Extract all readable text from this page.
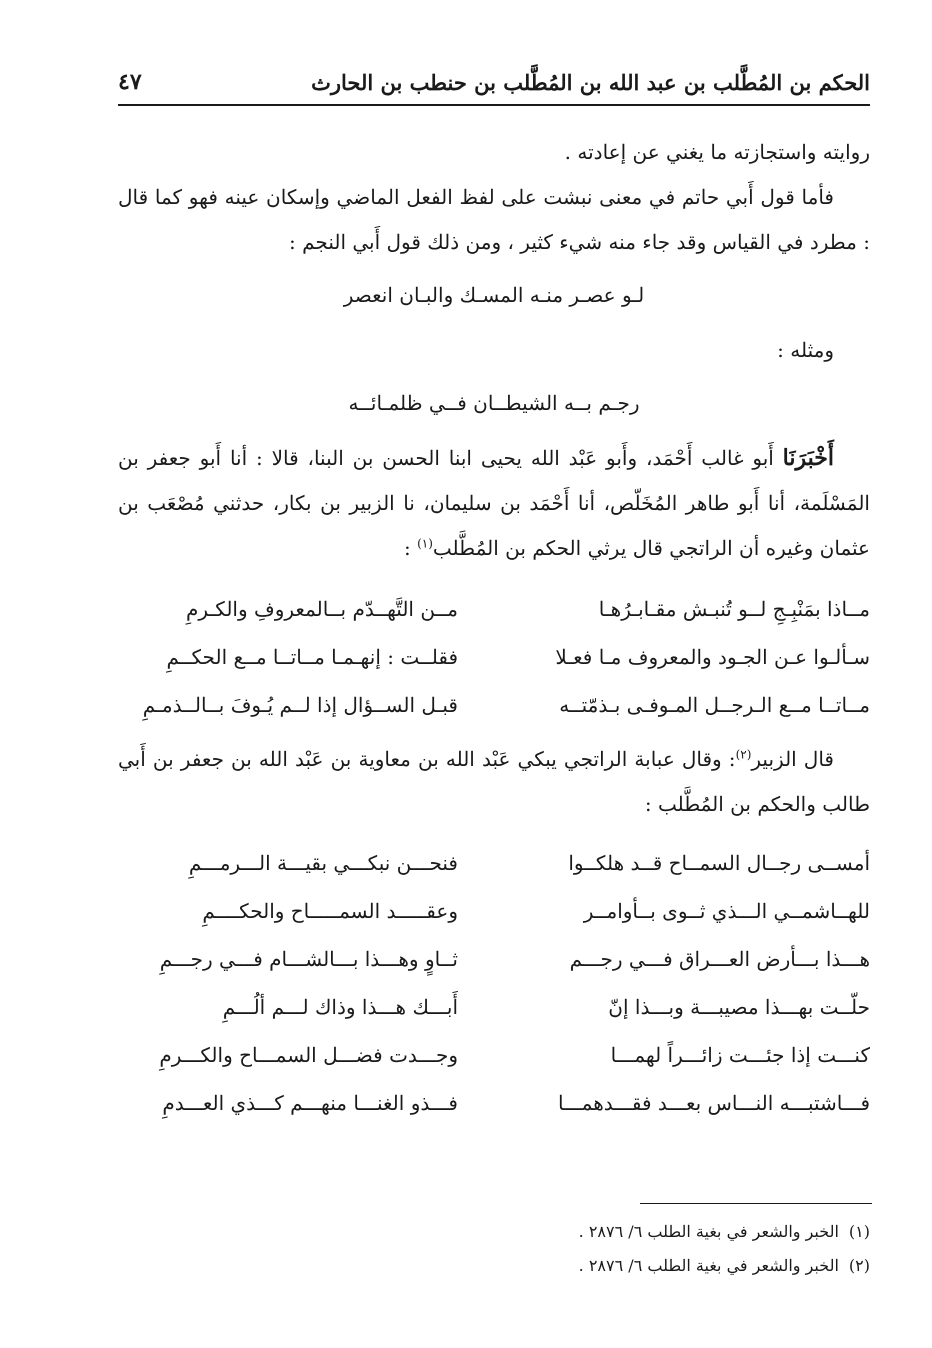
الحكم بن المُطَّلب بن عبد الله بن المُطَّلب بن حنطب بن الحارث
٤٧

روايته واستجازته ما يغني عن إعادته .

فأما قول أَبي حاتم في معنى نبشت على لفظ الفعل الماضي وإسكان عينه فهو كما قال : مطرد في القياس وقد جاء منه شيء كثير ، ومن ذلك قول أَبي النجم :

لـو عصـر منـه المسـك والبـان انعصر

ومثله :

رجـم بــه الشيطــان فــي ظلمـائــه

أَخْبَرَنَا أَبو غالب أَحْمَد، وأَبو عَبْد الله يحيى ابنا الحسن بن البنا، قالا : أنا أَبو جعفر بن المَسْلَمة، أنا أَبو طاهر المُخَلّص، أنا أَحْمَد بن سليمان، نا الزبير بن بكار، حدثني مُصْعَب بن عثمان وغيره أن الراتجي قال يرثي الحكم بن المُطَّلب$^{(١)}$ :

مــاذا بمَنْبِـجِ لــو تُنبـش مقـابـرُهـا
مــن التَّهــدّم بــالمعروفِ والكـرمِ
سـألـوا عـن الجـود والمعروف مـا فعـلا
فقلــت : إنهـمـا مــاتــا مــع الحكــمِ
مــاتــا مــع الـرجــل المـوفـى بـذمّتــه
قبـل الســؤال إذا لــم يُـوفَ بــالــذمـمِ

قال الزبير$^{(٢)}$: وقال عبابة الراتجي يبكي عَبْد الله بن معاوية بن عَبْد الله بن جعفر بن أَبي طالب والحكم بن المُطَّلب :

أمســى رجــال السمــاح قــد هلكــوا
فنحـــن نبكـــي بقيـــة الـــرمـــمِ
للهــاشمــي الـــذي ثــوى بــأوامــر
وعقـــــد السمـــــاح والحكــــمِ
هـــذا بـــأرض العـــراق فـــي رجـــم
ثــاوٍ وهـــذا بـــالشـــام فـــي رجـــمِ
حلّــت بهـــذا مصيبـــة وبـــذا إنّ
أَبـــك هـــذا وذاك لـــم ألُـــمِ
كنـــت إذا جئـــت زائـــراً لهمـــا
وجـــدت فضـــل السمـــاح والكـــرمِ
فـــاشتبـــه النـــاس بعـــد فقـــدهمـــا
فـــذو الغنـــا منهـــم كـــذي العـــدمِ

(١)الخبر والشعر في بغية الطلب ٦/ ٢٨٧٦ .

(٢)الخبر والشعر في بغية الطلب ٦/ ٢٨٧٦ .
